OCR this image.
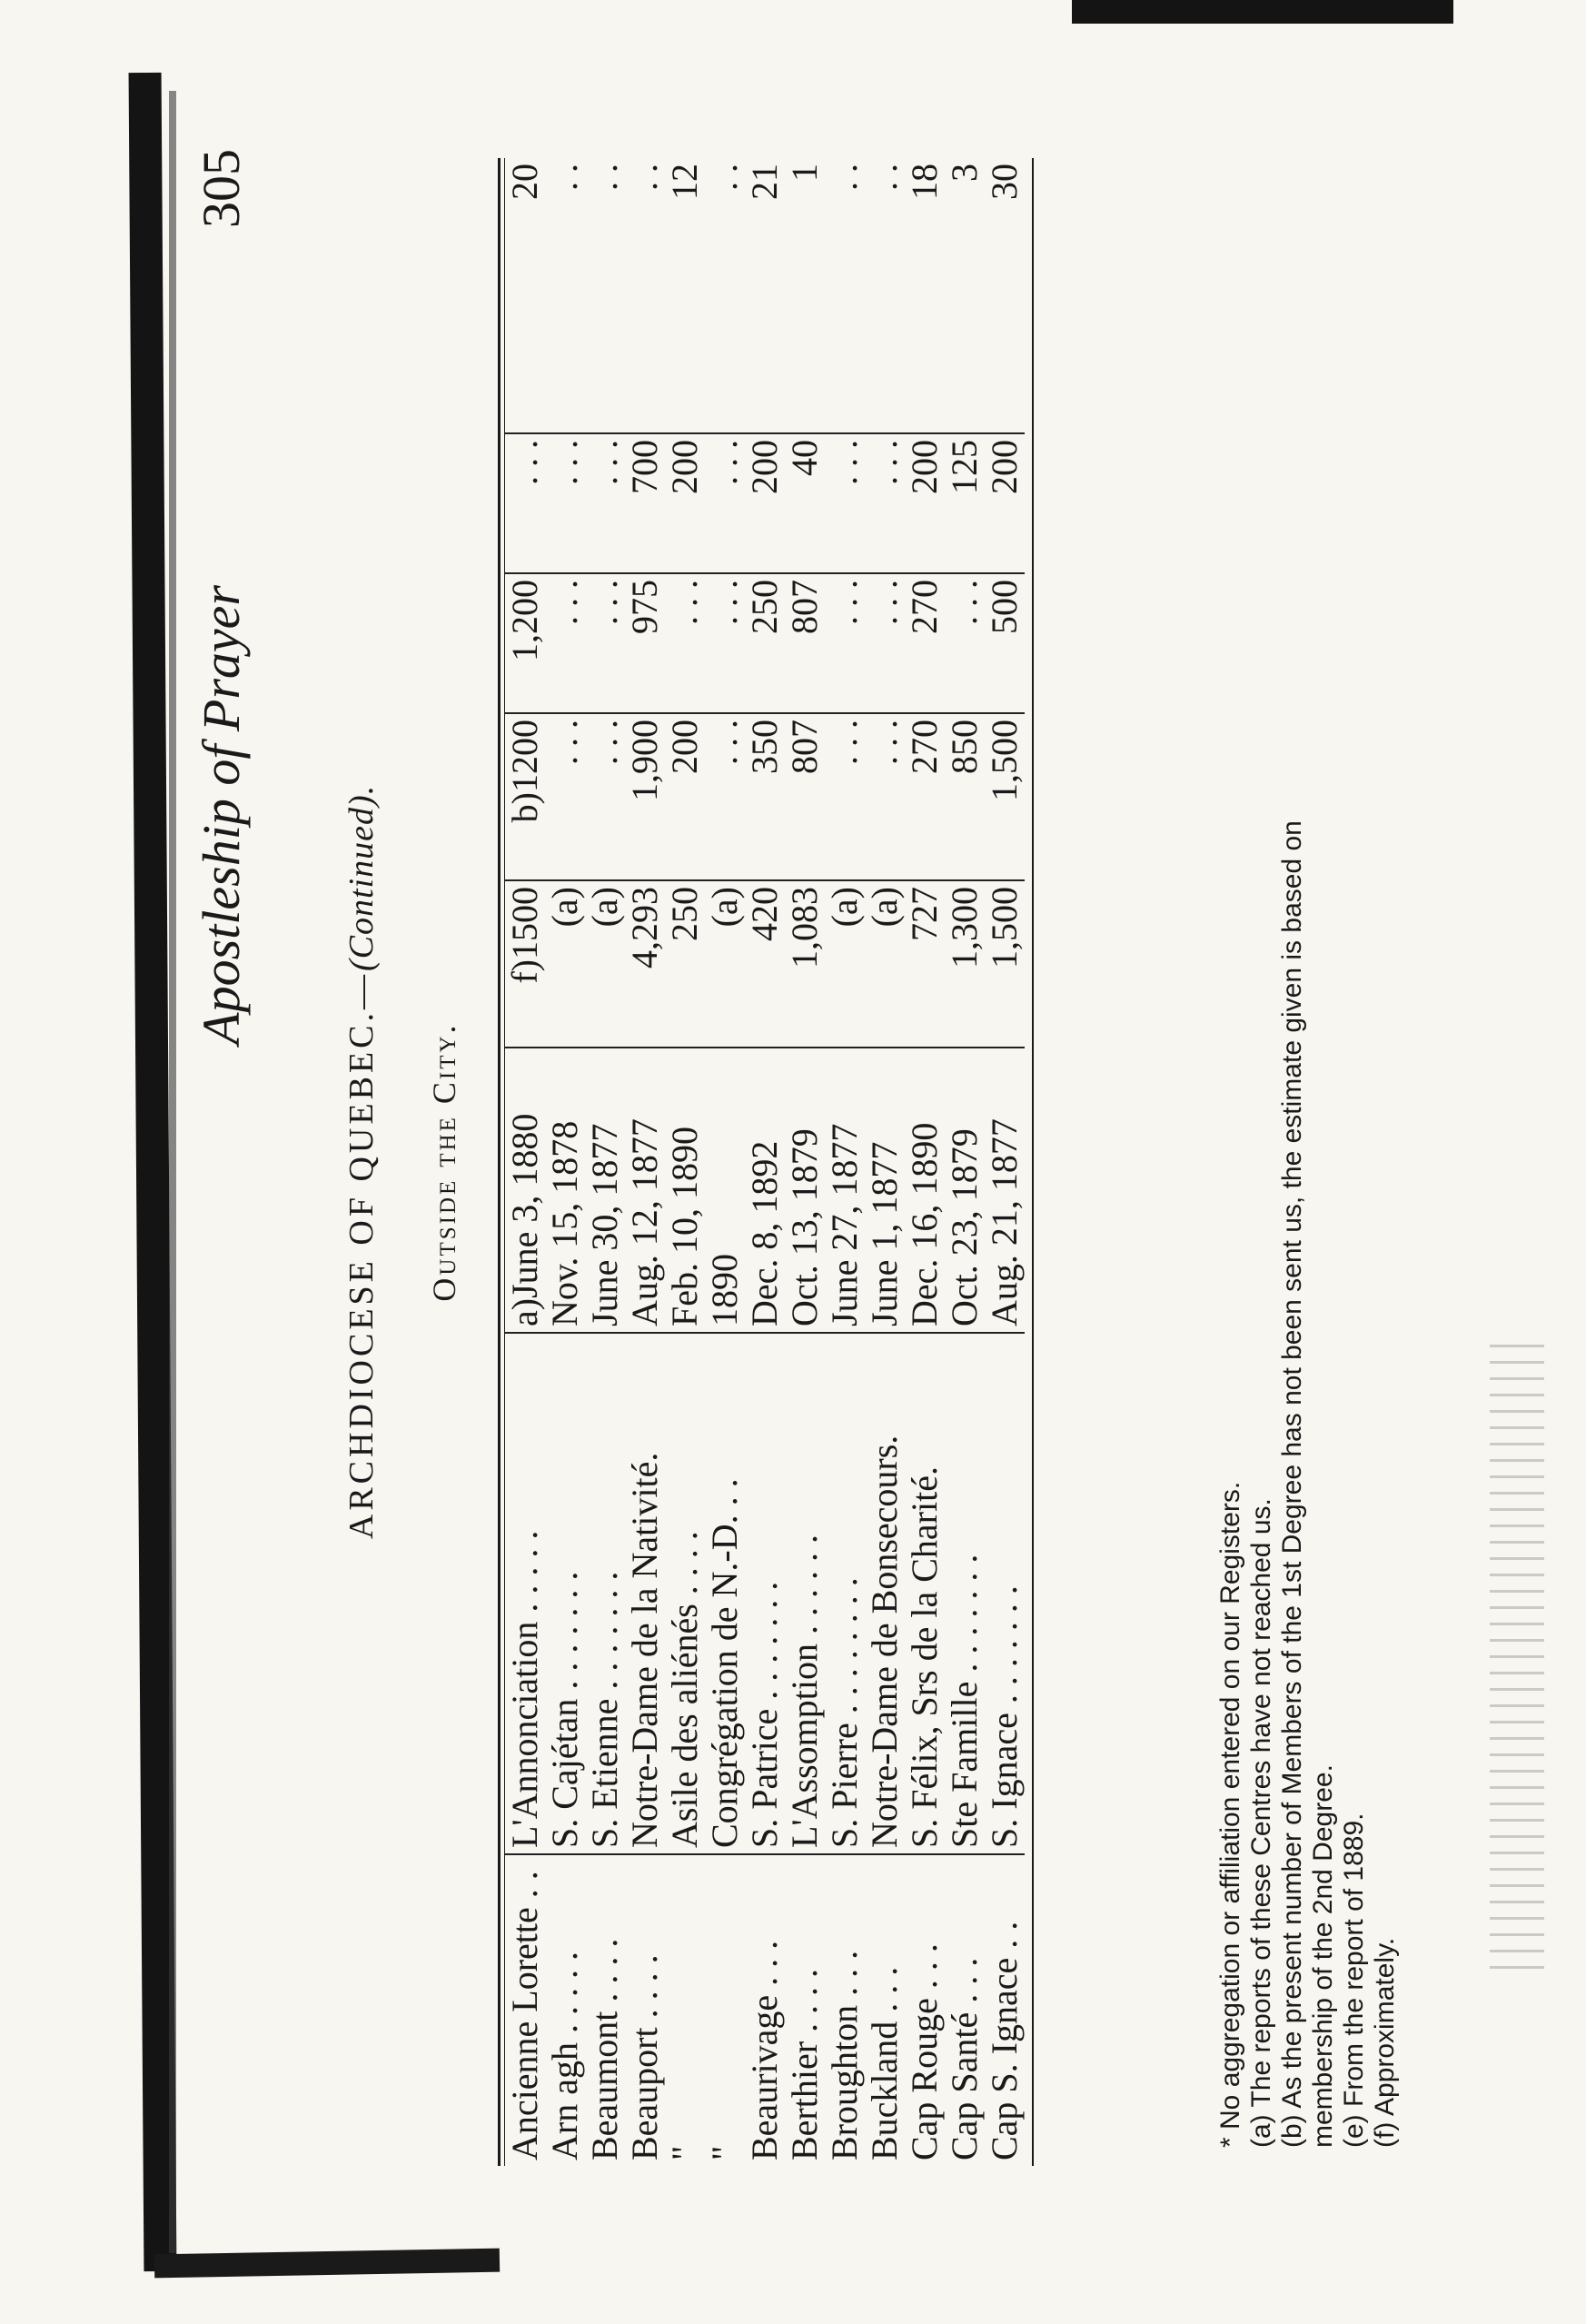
Apostleship of Prayer
305
ARCHDIOCESE OF QUEBEC.—(Continued).
Outside the City.
Ancienne Lorette . .	L'Annonciation . . . . .	a)June 3, 1880	f)1500	b)1200	1,200	. . .	20
Arn agh . . . . .	S. Cajétan . . . . . . .	Nov. 15, 1878	(a)	. . .	. . .	. . .	. .
Beaumont . . . .	S. Etienne . . . . . . .	June 30, 1877	(a)	. . .	. . .	. . .	. .
Beauport . . . .	Notre-Dame de la Nativité.	Aug. 12, 1877	4,293	1,900	975	700	. .
"	Asile des aliénés . . . .	Feb. 10, 1890	250	200	. . .	200	12
"	Congrégation de N.-D. . .	1890	(a)	. . .	. . .	. . .	. .
Beaurivage . . .	S. Patrice . . . . . . .	Dec. 8, 1892	420	350	250	200	21
Berthier . . . .	L'Assomption . . . . . .	Oct. 13, 1879	1,083	807	807	40	1
Broughton . . .	S. Pierre . . . . . . . .	June 27, 1877	(a)	. . .	. . .	. . .	. .
Buckland . . .	Notre-Dame de Bonsecours.	June 1, 1877	(a)	. . .	. . .	. . .	. .
Cap Rouge . . .	S. Félix, Srs de la Charité.	Dec. 16, 1890	727	270	270	200	18
Cap Santé . . .	Ste Famille . . . . . . .	Oct. 23, 1879	1,300	850	. . .	125	3
Cap S. Ignace . .	S. Ignace . . . . . . .	Aug. 21, 1877	1,500	1,500	500	200	30
* No aggregation or affiliation entered on our Registers. (a) The reports of these Centres have not reached us. (b) As the present number of Members of the 1st Degree has not been sent us, the estimate given is based on membership of the 2nd Degree. (e) From the report of 1889. (f) Approximately.
